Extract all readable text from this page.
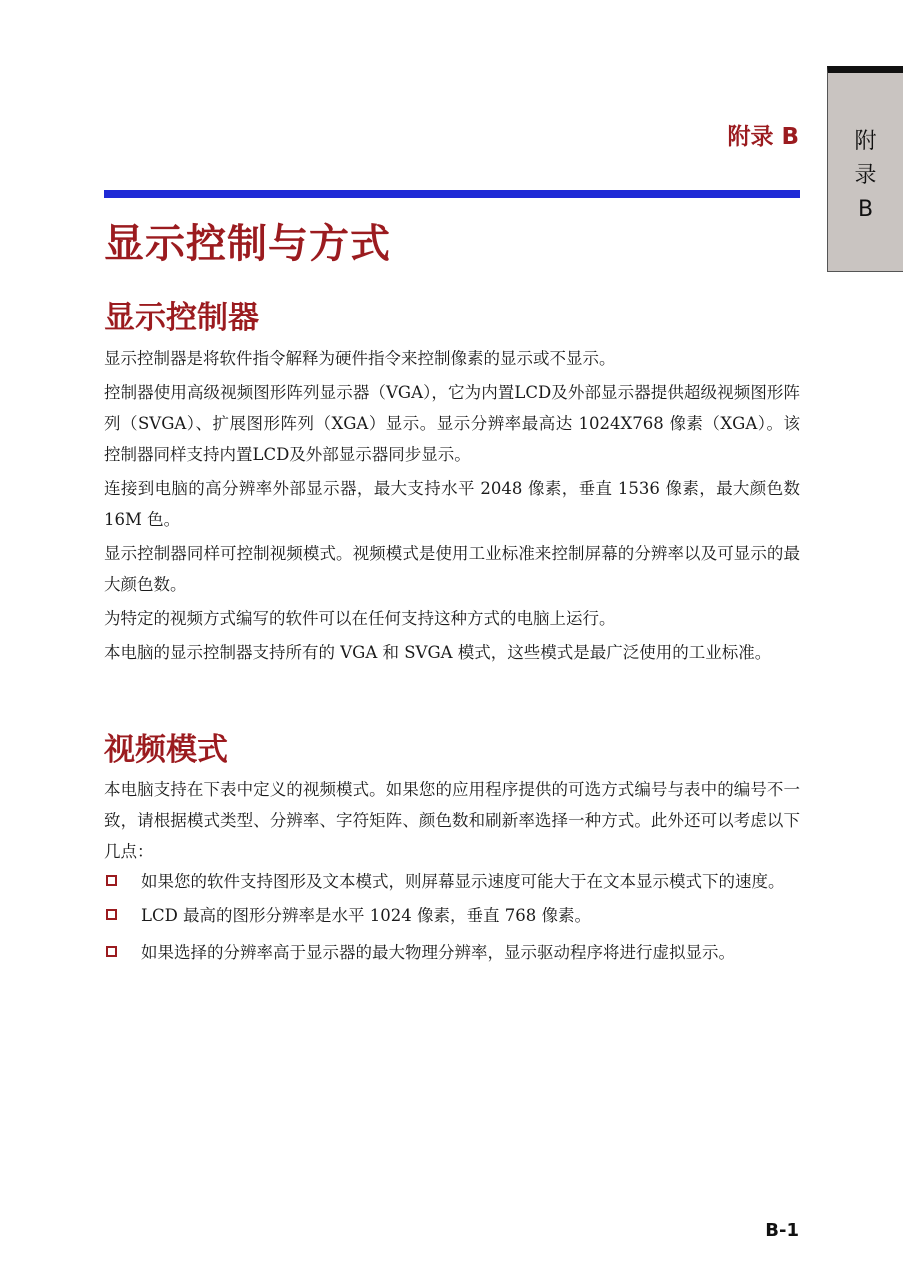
附
录
B
附录 B
显示控制与方式
显示控制器

显示控制器是将软件指令解释为硬件指令来控制像素的显示或不显示。

控制器使用高级视频图形阵列显示器（VGA），它为内置LCD及外部显示器提供超级视频图形阵列（SVGA）、扩展图形阵列（XGA）显示。显示分辨率最高达 1024X768 像素（XGA）。该控制器同样支持内置LCD及外部显示器同步显示。

连接到电脑的高分辨率外部显示器，最大支持水平 2048 像素，垂直 1536 像素，最大颜色数 16M 色。

显示控制器同样可控制视频模式。视频模式是使用工业标准来控制屏幕的分辨率以及可显示的最大颜色数。

为特定的视频方式编写的软件可以在任何支持这种方式的电脑上运行。

本电脑的显示控制器支持所有的 VGA 和 SVGA 模式，这些模式是最广泛使用的工业标准。

视频模式

本电脑支持在下表中定义的视频模式。如果您的应用程序提供的可选方式编号与表中的编号不一致，请根据模式类型、分辨率、字符矩阵、颜色数和刷新率选择一种方式。此外还可以考虑以下几点：

如果您的软件支持图形及文本模式，则屏幕显示速度可能大于在文本显示模式下的速度。
LCD 最高的图形分辨率是水平 1024 像素，垂直 768 像素。
如果选择的分辨率高于显示器的最大物理分辨率，显示驱动程序将进行虚拟显示。
B-1
